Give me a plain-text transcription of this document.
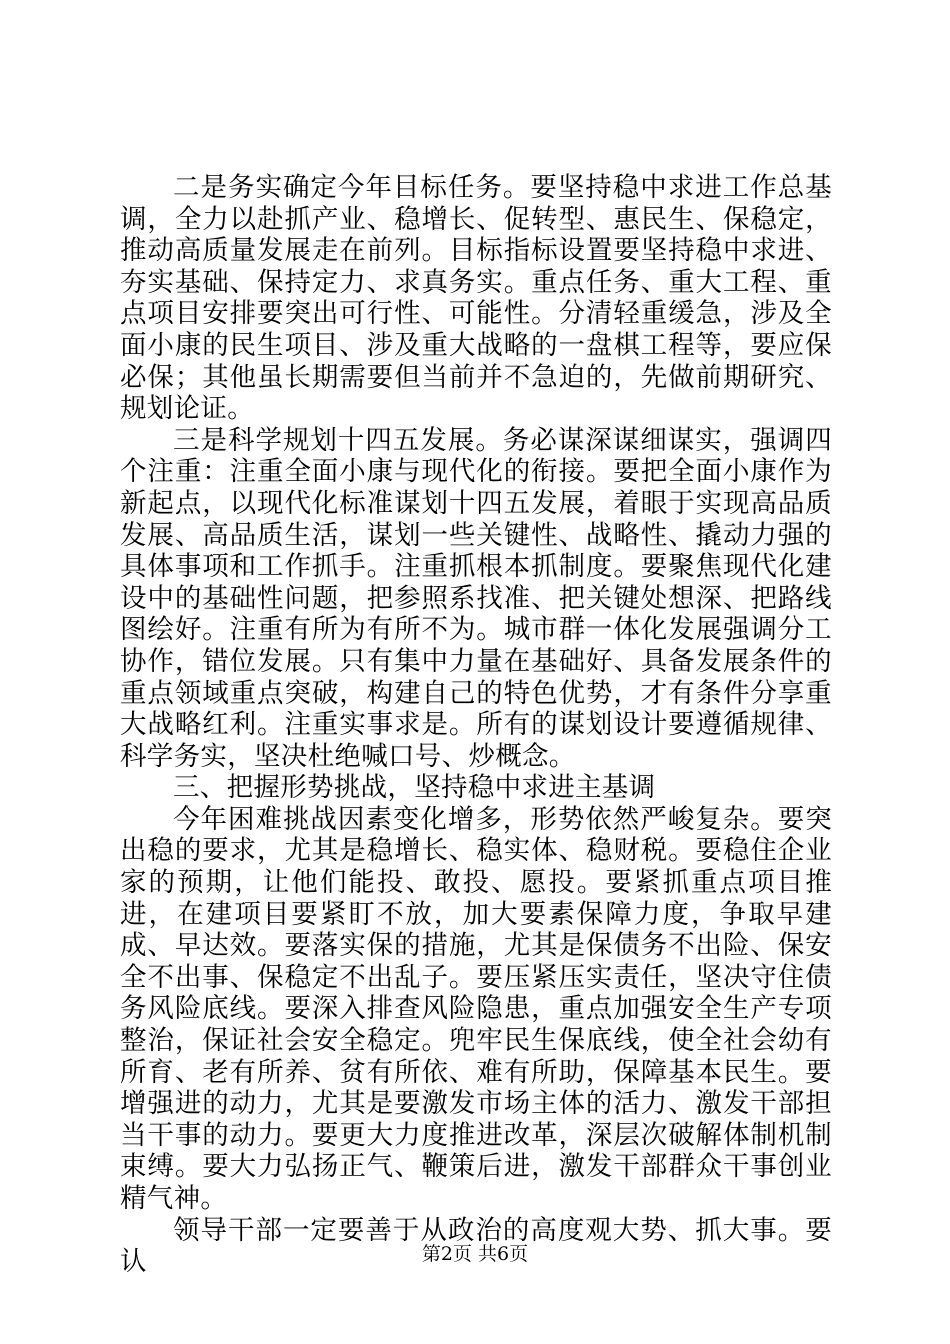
二是务实确定今年目标任务。要坚持稳中求进工作总基调，全力以赴抓产业、稳增长、促转型、惠民生、保稳定，推动高质量发展走在前列。目标指标设置要坚持稳中求进、夯实基础、保持定力、求真务实。重点任务、重大工程、重点项目安排要突出可行性、可能性。分清轻重缓急，涉及全面小康的民生项目、涉及重大战略的一盘棋工程等，要应保必保；其他虽长期需要但当前并不急迫的，先做前期研究、规划论证。

三是科学规划十四五发展。务必谋深谋细谋实，强调四个注重：注重全面小康与现代化的衔接。要把全面小康作为新起点，以现代化标准谋划十四五发展，着眼于实现高品质发展、高品质生活，谋划一些关键性、战略性、撬动力强的具体事项和工作抓手。注重抓根本抓制度。要聚焦现代化建设中的基础性问题，把参照系找准、把关键处想深、把路线图绘好。注重有所为有所不为。城市群一体化发展强调分工协作，错位发展。只有集中力量在基础好、具备发展条件的重点领域重点突破，构建自己的特色优势，才有条件分享重大战略红利。注重实事求是。所有的谋划设计要遵循规律、科学务实，坚决杜绝喊口号、炒概念。

三、把握形势挑战，坚持稳中求进主基调

今年困难挑战因素变化增多，形势依然严峻复杂。要突出稳的要求，尤其是稳增长、稳实体、稳财税。要稳住企业家的预期，让他们能投、敢投、愿投。要紧抓重点项目推进，在建项目要紧盯不放，加大要素保障力度，争取早建成、早达效。要落实保的措施，尤其是保债务不出险、保安全不出事、保稳定不出乱子。要压紧压实责任，坚决守住债务风险底线。要深入排查风险隐患，重点加强安全生产专项整治，保证社会安全稳定。兜牢民生保底线，使全社会幼有所育、老有所养、贫有所依、难有所助，保障基本民生。要增强进的动力，尤其是要激发市场主体的活力、激发干部担当干事的动力。要更大力度推进改革，深层次破解体制机制束缚。要大力弘扬正气、鞭策后进，激发干部群众干事创业精气神。

领导干部一定要善于从政治的高度观大势、抓大事。要认	第2页 共6页
